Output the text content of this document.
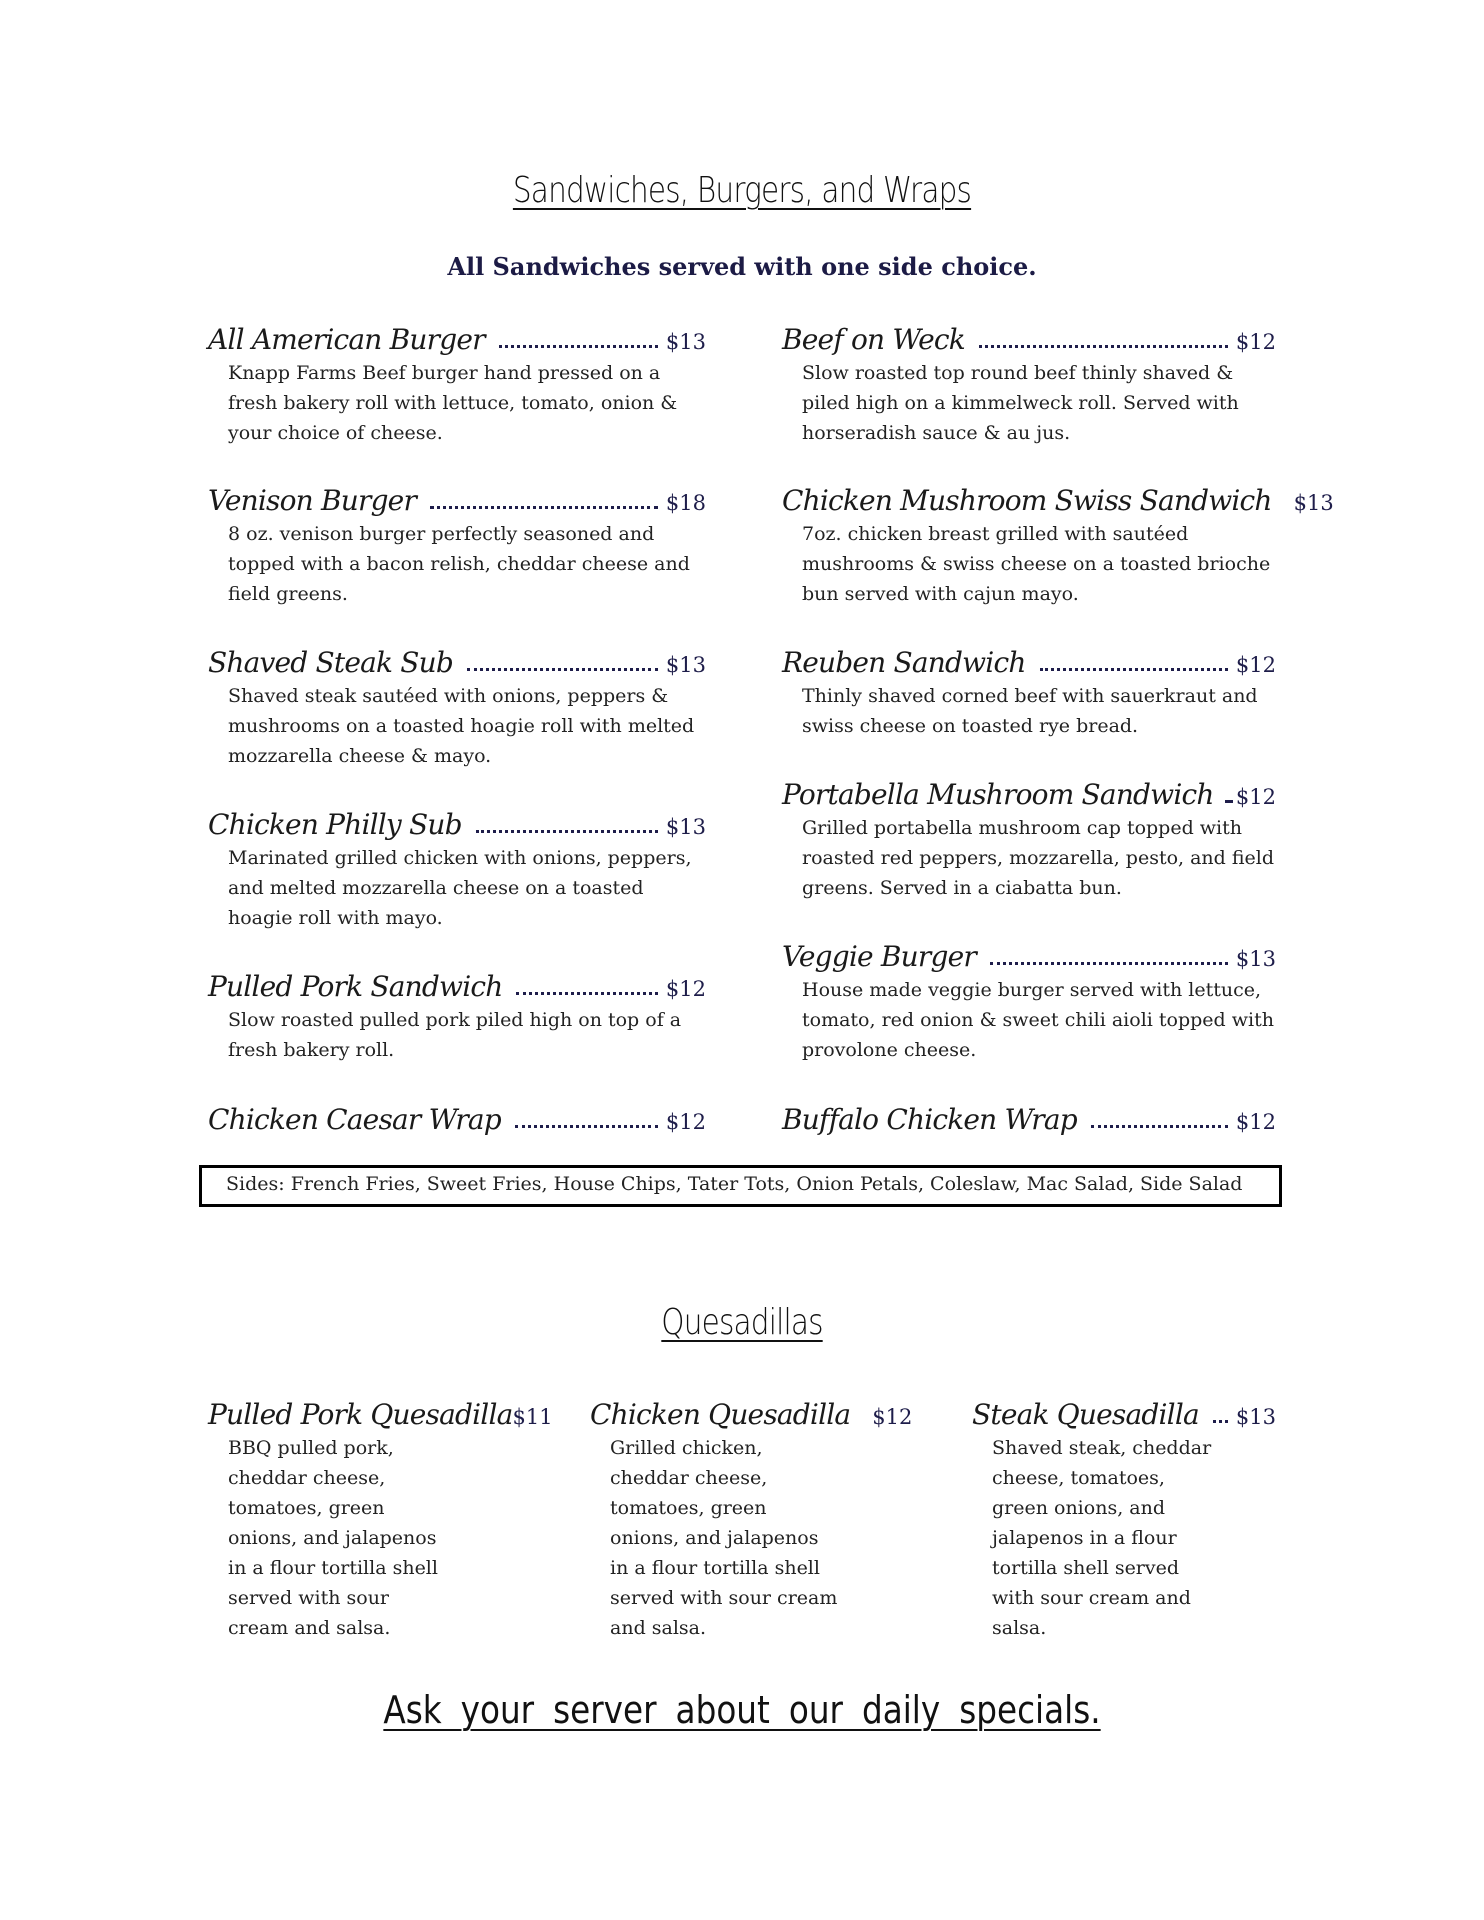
Sandwiches, Burgers, and Wraps
All Sandwiches served with one side choice.
All American Burger	$13

Knapp Farms Beef burger hand pressed on a fresh bakery roll with lettuce, tomato, onion & your choice of cheese.

Venison Burger	$18

8 oz. venison burger perfectly seasoned and topped with a bacon relish, cheddar cheese and field greens.

Shaved Steak Sub	$13

Shaved steak sautéed with onions, peppers & mushrooms on a toasted hoagie roll with melted mozzarella cheese & mayo.

Chicken Philly Sub	$13

Marinated grilled chicken with onions, peppers, and melted mozzarella cheese on a toasted hoagie roll with mayo.

Pulled Pork Sandwich	$12

Slow roasted pulled pork piled high on top of a fresh bakery roll.

Chicken Caesar Wrap	$12
Beef on Weck	$12

Slow roasted top round beef thinly shaved & piled high on a kimmelweck roll. Served with horseradish sauce & au jus.

Chicken Mushroom Swiss Sandwich $13

7oz. chicken breast grilled with sautéed mushrooms & swiss cheese on a toasted brioche bun served with cajun mayo.

Reuben Sandwich	$12

Thinly shaved corned beef with sauerkraut and swiss cheese on toasted rye bread.

Portabella Mushroom Sandwich $12

Grilled portabella mushroom cap topped with roasted red peppers, mozzarella, pesto, and field greens. Served in a ciabatta bun.

Veggie Burger	$13

House made veggie burger served with lettuce, tomato, red onion & sweet chili aioli topped with provolone cheese.

Buffalo Chicken Wrap	$12
Sides: French Fries, Sweet Fries, House Chips, Tater Tots, Onion Petals, Coleslaw, Mac Salad, Side Salad
Quesadillas
Pulled Pork Quesadilla $11

BBQ pulled pork, cheddar cheese, tomatoes, green onions, and jalapenos in a flour tortilla shell served with sour cream and salsa.

Chicken Quesadilla $12

Grilled chicken, cheddar cheese, tomatoes, green onions, and jalapenos in a flour tortilla shell served with sour cream and salsa.

Steak Quesadilla $13

Shaved steak, cheddar cheese, tomatoes, green onions, and jalapenos in a flour tortilla shell served with sour cream and salsa.

Ask your server about our daily specials.
